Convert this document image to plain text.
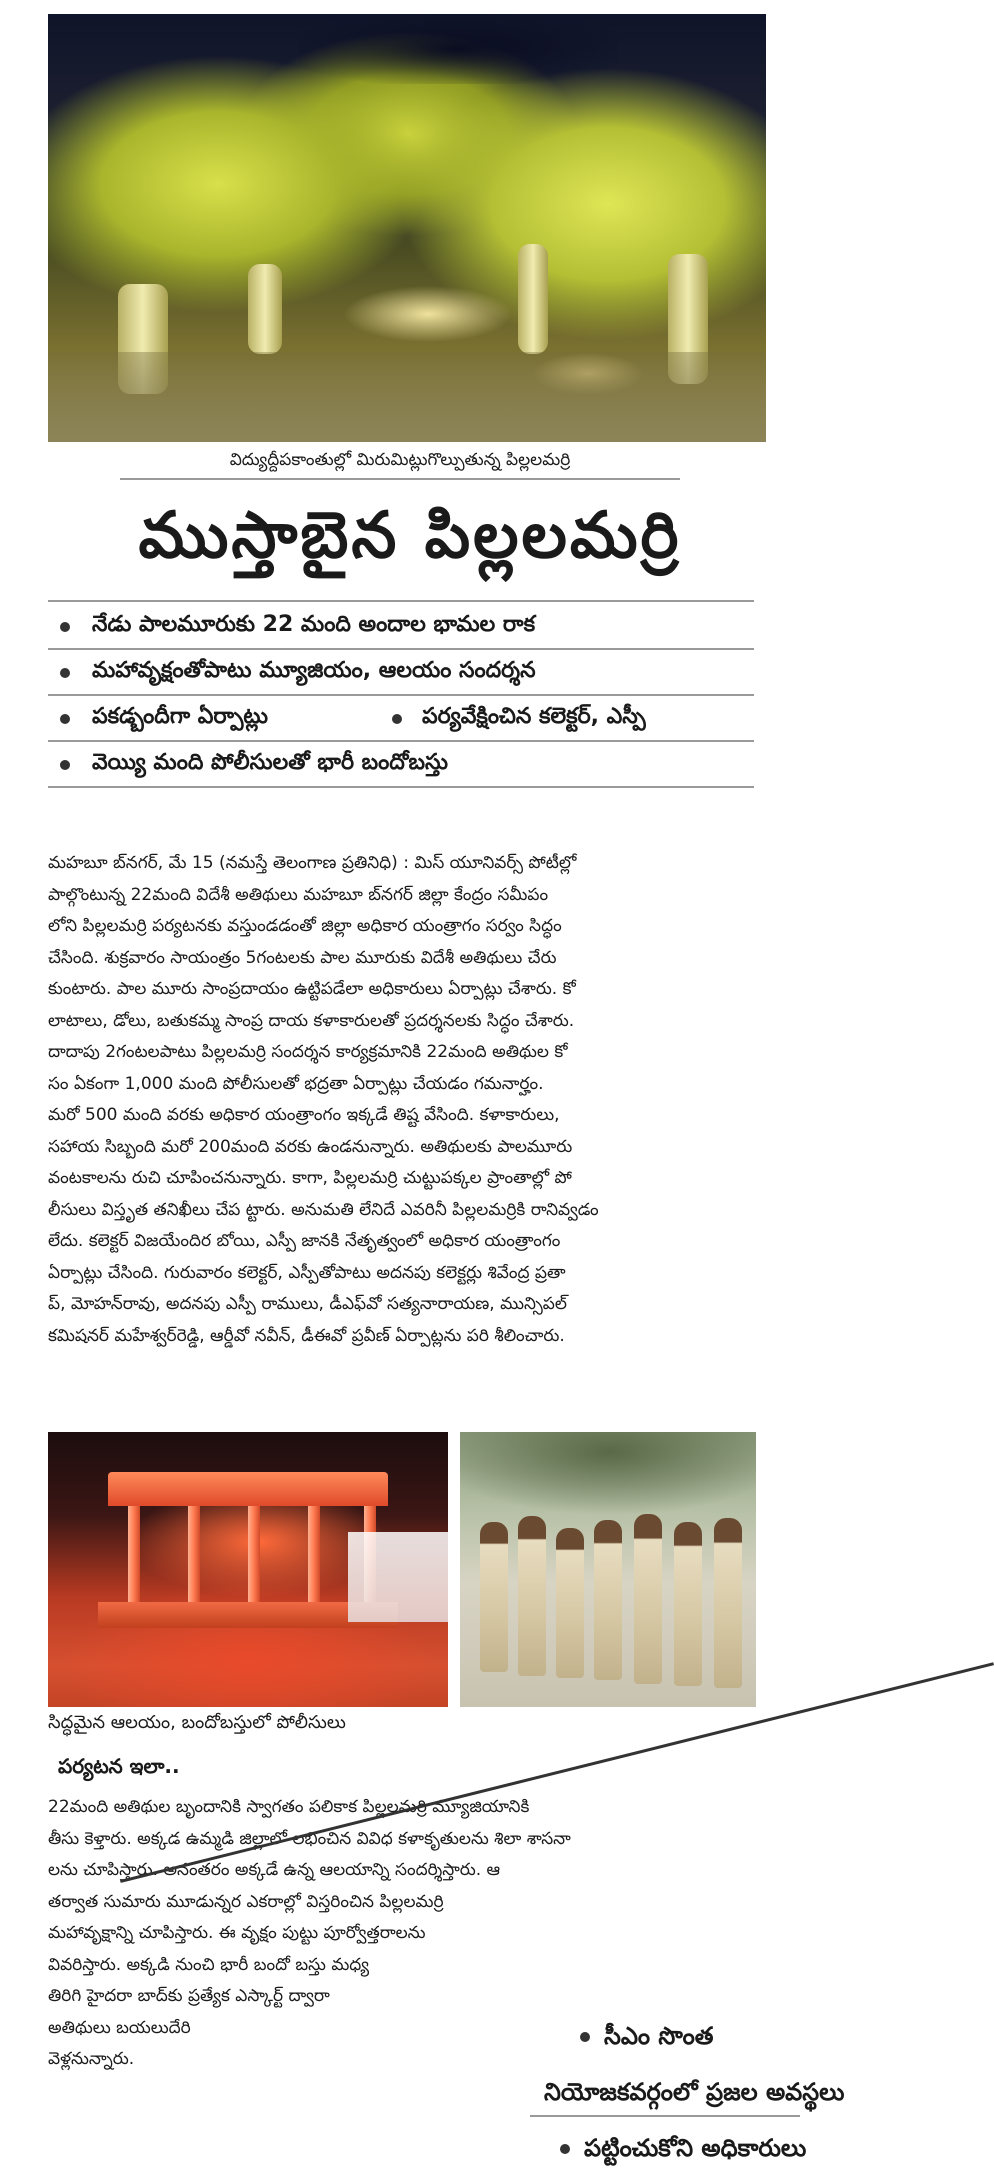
విద్యుద్దీపకాంతుల్లో మిరుమిట్లుగొల్పుతున్న పిల్లలమర్రి
ముస్తాబైన పిల్లలమర్రి
నేడు పాలమూరుకు 22 మంది అందాల భామల రాక
మహావృక్షంతోపాటు మ్యూజియం, ఆలయం సందర్శన
పకడ్బందీగా ఏర్పాట్లు	పర్యవేక్షించిన కలెక్టర్, ఎస్పీ
వెయ్యి మంది పోలీసులతో భారీ బందోబస్తు

మహబూ బ్‌నగర్, మే 15 (నమస్తే తెలంగాణ ప్రతినిధి) : మిస్ యూనివర్స్ పోటీల్లో

పాల్గొంటున్న 22మంది విదేశీ అతిథులు మహబూ బ్‌నగర్ జిల్లా కేంద్రం సమీపం

లోని పిల్లలమర్రి పర్యటనకు వస్తుండడంతో జిల్లా అధికార యంత్రాగం సర్వం సిద్ధం

చేసింది. శుక్రవారం సాయంత్రం 5గంటలకు పాల మూరుకు విదేశీ అతిథులు చేరు

కుంటారు. పాల మూరు సాంప్రదాయం ఉట్టిపడేలా అధికారులు ఏర్పాట్లు చేశారు. కో

లాటాలు, డోలు, బతుకమ్మ సాంప్ర దాయ కళాకారులతో ప్రదర్శనలకు సిద్ధం చేశారు.

దాదాపు 2గంటలపాటు పిల్లలమర్రి సందర్శన కార్యక్రమానికి 22మంది అతిథుల కో

సం ఏకంగా 1,000 మంది పోలీసులతో భద్రతా ఏర్పాట్లు చేయడం గమనార్హం.

మరో 500 మంది వరకు అధికార యంత్రాంగం ఇక్కడే తిష్ట వేసింది. కళాకారులు,

సహాయ సిబ్బంది మరో 200మంది వరకు ఉండనున్నారు. అతిథులకు పాలమూరు

వంటకాలను రుచి చూపించనున్నారు. కాగా, పిల్లలమర్రి చుట్టుపక్కల ప్రాంతాల్లో పో

లీసులు విస్తృత తనిఖీలు చేప ట్టారు. అనుమతి లేనిదే ఎవరినీ పిల్లలమర్రికి రానివ్వడం

లేదు. కలెక్టర్ విజయేందిర బోయి, ఎస్పీ జానకి నేతృత్వంలో అధికార యంత్రాంగం

ఏర్పాట్లు చేసింది. గురువారం కలెక్టర్, ఎస్పీతోపాటు అదనపు కలెక్టర్లు శివేంద్ర ప్రతా

ప్, మోహన్‌రావు, అదనపు ఎస్పీ రాములు, డీఎఫ్‌వో సత్యనారాయణ, మున్సిపల్

కమిషనర్ మహేశ్వర్‌రెడ్డి, ఆర్డీవో నవీన్, డీఈవో ప్రవీణ్ ఏర్పాట్లను పరి శీలించారు.

సిద్ధమైన ఆలయం, బందోబస్తులో పోలీసులు
పర్యటన ఇలా..

22మంది అతిథుల బృందానికి స్వాగతం పలికాక పిల్లలమర్రి మ్యూజియానికి

తీసు కెళ్తారు. అక్కడ ఉమ్మడి జిల్లాలో లభించిన వివిధ కళాకృతులను శిలా శాసనా

లను చూపిస్తారు. అనంతరం అక్కడే ఉన్న ఆలయాన్ని సందర్శిస్తారు. ఆ

తర్వాత సుమారు మూడున్నర ఎకరాల్లో విస్తరించిన పిల్లలమర్రి

మహావృక్షాన్ని చూపిస్తారు. ఈ వృక్షం పుట్టు పూర్వోత్తరాలను

వివరిస్తారు. అక్కడి నుంచి భారీ బందో బస్తు మధ్య

తిరిగి హైదరా బాద్‌కు ప్రత్యేక ఎస్కార్ట్ ద్వారా

అతిథులు బయలుదేరి

వెళ్లనున్నారు.

సీఎం సొంత
నియోజకవర్గంలో ప్రజల అవస్థలు
పట్టించుకోని అధికారులు
